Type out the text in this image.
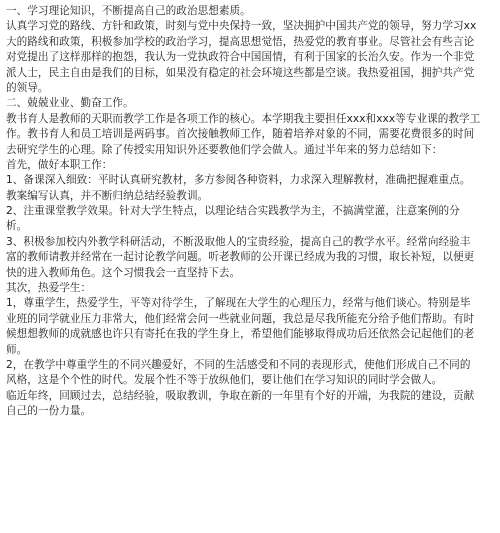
一、学习理论知识，不断提高自己的政治思想素质。
认真学习党的路线、方针和政策，时刻与党中央保持一致，坚决拥护中国共产党的领导，努力学习xx
大的路线和政策，积极参加学校的政治学习，提高思想觉悟，热爱党的教育事业。尽管社会有些言论
对党提出了这样那样的抱怨，我认为一党执政符合中国国情，有利于国家的长治久安。作为一个非党
派人士，民主自由是我们的目标，如果没有稳定的社会环境这些都是空谈。我热爱祖国，拥护共产党
的领导。
二、兢兢业业、勤奋工作。
教书育人是教师的天职而教学工作是各项工作的核心。本学期我主要担任xxx和xxx等专业课的教学工
作。教书育人和员工培训是两码事。首次接触教师工作，随着培养对象的不同，需要花费很多的时间
去研究学生的心理。除了传授实用知识外还要教他们学会做人。通过半年来的努力总结如下：
首先，做好本职工作：
1、备课深入细致：平时认真研究教材，多方参阅各种资料，力求深入理解教材，准确把握难重点。
教案编写认真，并不断归纳总结经验教训。
2、注重课堂教学效果。针对大学生特点，以理论结合实践教学为主，不搞满堂灌，注意案例的分
析。
3、积极参加校内外教学科研活动，不断汲取他人的宝贵经验，提高自己的教学水平。经常向经验丰
富的教师请教并经常在一起讨论教学问题。听老教师的公开课已经成为我的习惯，取长补短，以便更
快的进入教师角色。这个习惯我会一直坚持下去。
其次，热爱学生：
1，尊重学生，热爱学生，平等对待学生，了解现在大学生的心理压力，经常与他们谈心。特别是毕
业班的同学就业压力非常大，他们经常会问一些就业问题，我总是尽我所能充分给予他们帮助。有时
候想想教师的成就感也许只有寄托在我的学生身上，希望他们能够取得成功后还依然会记起他们的老
师。
2，在教学中尊重学生的不同兴趣爱好，不同的生活感受和不同的表现形式，使他们形成自己不同的
风格，这是个个性的时代。发展个性不等于放纵他们，要让他们在学习知识的同时学会做人。
临近年终，回顾过去，总结经验，吸取教训，争取在新的一年里有个好的开端，为我院的建设，贡献
自己的一份力量。
